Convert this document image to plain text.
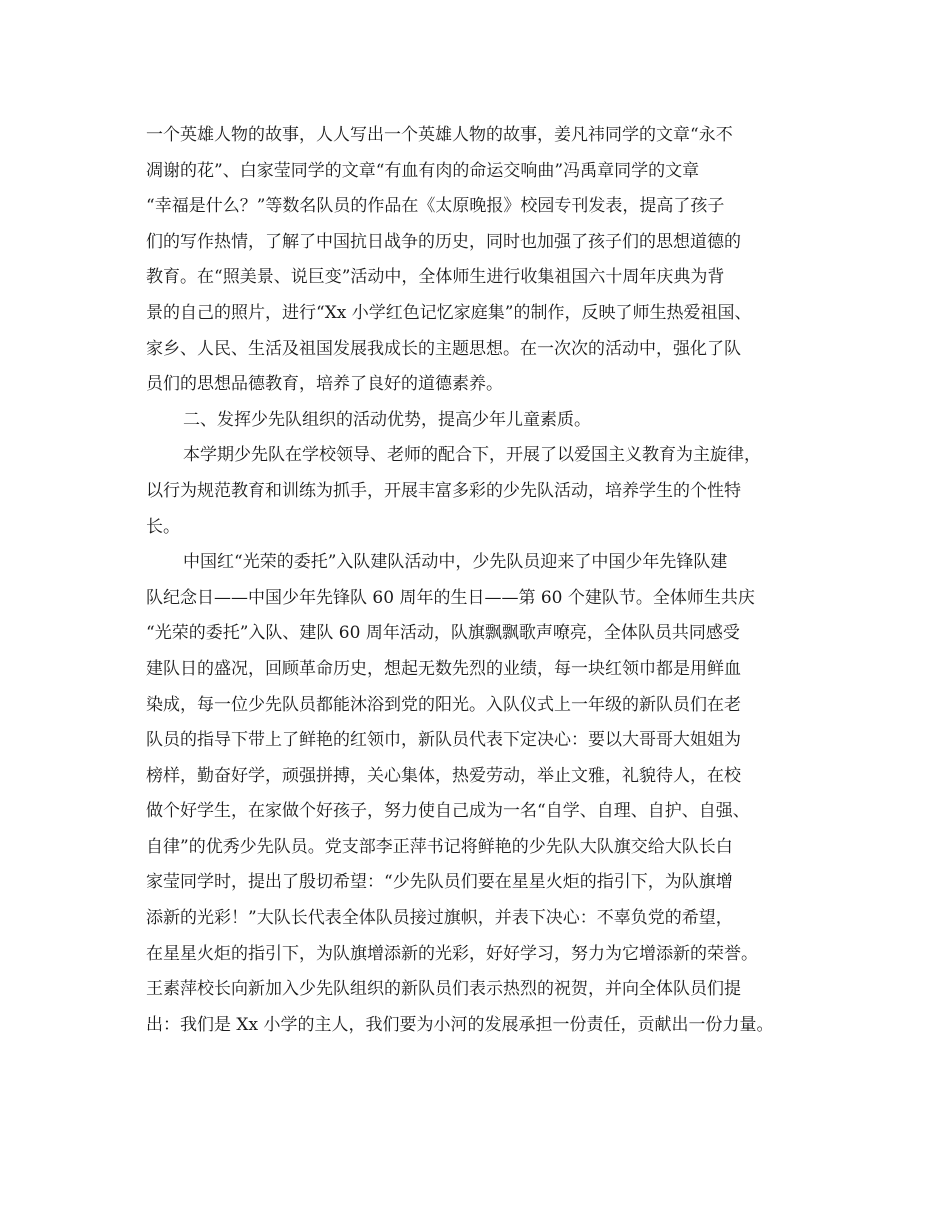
一个英雄人物的故事，人人写出一个英雄人物的故事，姜凡祎同学的文章“永不
凋谢的花”、白家莹同学的文章“有血有肉的命运交响曲”冯禹章同学的文章
“幸福是什么？”等数名队员的作品在《太原晚报》校园专刊发表，提高了孩子
们的写作热情，了解了中国抗日战争的历史，同时也加强了孩子们的思想道德的
教育。在“照美景、说巨变”活动中，全体师生进行收集祖国六十周年庆典为背
景的自己的照片，进行“Xx 小学红色记忆家庭集”的制作，反映了师生热爱祖国、
家乡、人民、生活及祖国发展我成长的主题思想。在一次次的活动中，强化了队
员们的思想品德教育，培养了良好的道德素养。
二、发挥少先队组织的活动优势，提高少年儿童素质。
本学期少先队在学校领导、老师的配合下，开展了以爱国主义教育为主旋律，
以行为规范教育和训练为抓手，开展丰富多彩的少先队活动，培养学生的个性特
长。
中国红“光荣的委托”入队建队活动中，少先队员迎来了中国少年先锋队建
队纪念日——中国少年先锋队 60 周年的生日——第 60 个建队节。全体师生共庆
“光荣的委托”入队、建队 60 周年活动，队旗飘飘歌声嘹亮，全体队员共同感受
建队日的盛况，回顾革命历史，想起无数先烈的业绩，每一块红领巾都是用鲜血
染成，每一位少先队员都能沐浴到党的阳光。入队仪式上一年级的新队员们在老
队员的指导下带上了鲜艳的红领巾，新队员代表下定决心：要以大哥哥大姐姐为
榜样，勤奋好学，顽强拼搏，关心集体，热爱劳动，举止文雅，礼貌待人，在校
做个好学生，在家做个好孩子，努力使自己成为一名“自学、自理、自护、自强、
自律”的优秀少先队员。党支部李正萍书记将鲜艳的少先队大队旗交给大队长白
家莹同学时，提出了殷切希望：“少先队员们要在星星火炬的指引下，为队旗增
添新的光彩！”大队长代表全体队员接过旗帜，并表下决心：不辜负党的希望，
在星星火炬的指引下，为队旗增添新的光彩，好好学习，努力为它增添新的荣誉。
王素萍校长向新加入少先队组织的新队员们表示热烈的祝贺，并向全体队员们提
出：我们是 Xx 小学的主人，我们要为小河的发展承担一份责任，贡献出一份力量。
